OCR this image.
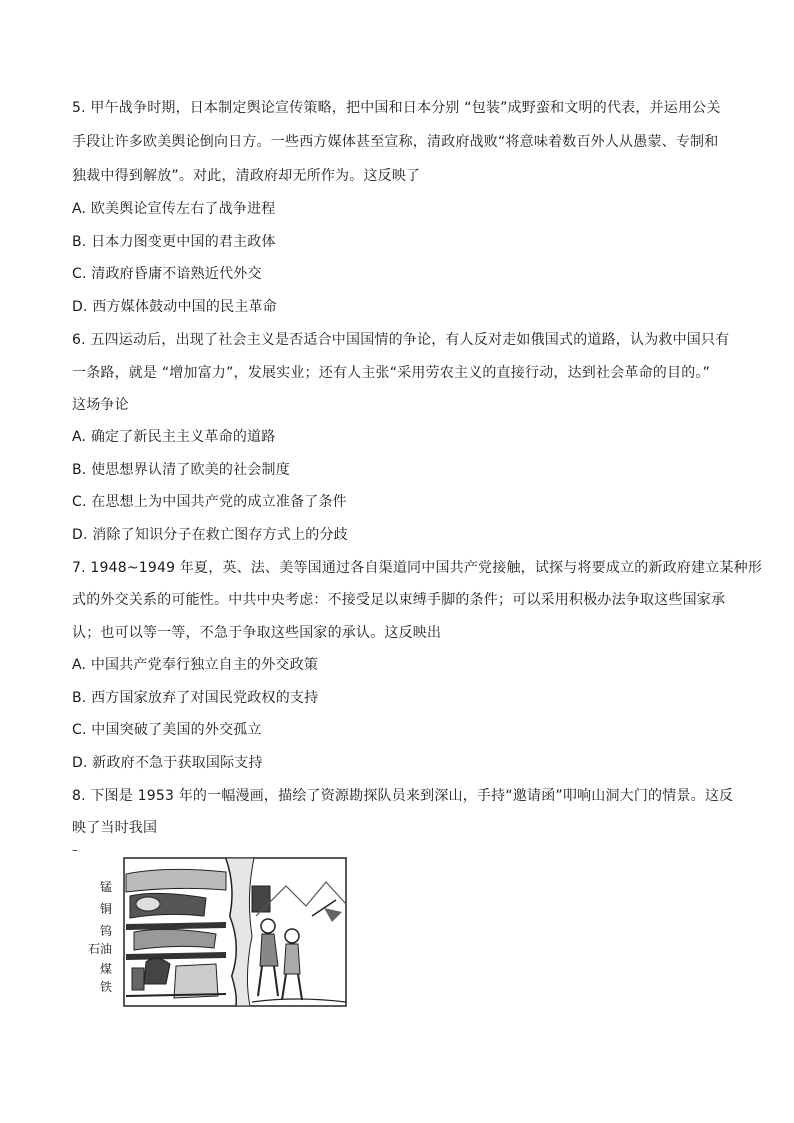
5. 甲午战争时期，日本制定舆论宣传策略，把中国和日本分别 “包装”成野蛮和文明的代表，并运用公关
手段让许多欧美舆论倒向日方。一些西方媒体甚至宣称，清政府战败“将意味着数百外人从愚蒙、专制和
独裁中得到解放”。对此，清政府却无所作为。这反映了
A. 欧美舆论宣传左右了战争进程
B. 日本力图变更中国的君主政体
C. 清政府昏庸不谙熟近代外交
D. 西方媒体鼓动中国的民主革命
6. 五四运动后，出现了社会主义是否适合中国国情的争论，有人反对走如俄国式的道路，认为救中国只有
一条路，就是 “增加富力”，发展实业；还有人主张“采用劳农主义的直接行动，达到社会革命的目的。”
这场争论
A. 确定了新民主主义革命的道路
B. 使思想界认清了欧美的社会制度
C. 在思想上为中国共产党的成立准备了条件
D. 消除了知识分子在救亡图存方式上的分歧
7. 1948~1949 年夏，英、法、美等国通过各自渠道同中国共产党接触，试探与将要成立的新政府建立某种形
式的外交关系的可能性。中共中央考虑：不接受足以束缚手脚的条件；可以采用积极办法争取这些国家承
认；也可以等一等，不急于争取这些国家的承认。这反映出
A. 中国共产党奉行独立自主的外交政策
B. 西方国家放弃了对国民党政权的支持
C. 中国突破了美国的外交孤立
D. 新政府不急于获取国际支持
8. 下图是 1953 年的一幅漫画，描绘了资源勘探队员来到深山，手持“邀请函”叩响山洞大门的情景。这反
映了当时我国
–
锰
铜
钨
石油
煤
铁
